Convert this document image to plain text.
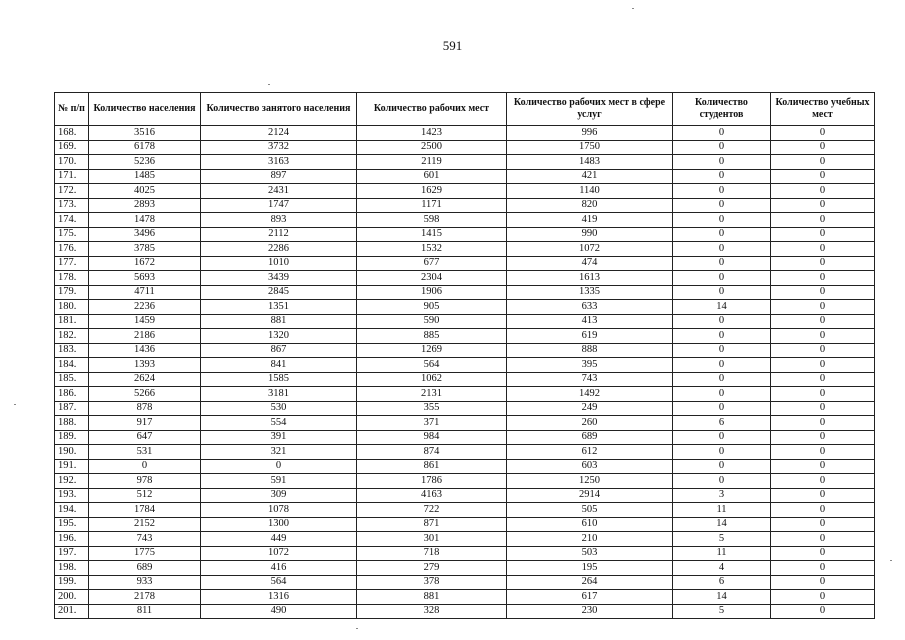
591
№ п/п	Количество населения	Количество занятого населения	Количество рабочих мест	Количество рабочих мест в сфере услуг	Количество студентов	Количество учебных мест
168.	3516	2124	1423	996	0	0
169.	6178	3732	2500	1750	0	0
170.	5236	3163	2119	1483	0	0
171.	1485	897	601	421	0	0
172.	4025	2431	1629	1140	0	0
173.	2893	1747	1171	820	0	0
174.	1478	893	598	419	0	0
175.	3496	2112	1415	990	0	0
176.	3785	2286	1532	1072	0	0
177.	1672	1010	677	474	0	0
178.	5693	3439	2304	1613	0	0
179.	4711	2845	1906	1335	0	0
180.	2236	1351	905	633	14	0
181.	1459	881	590	413	0	0
182.	2186	1320	885	619	0	0
183.	1436	867	1269	888	0	0
184.	1393	841	564	395	0	0
185.	2624	1585	1062	743	0	0
186.	5266	3181	2131	1492	0	0
187.	878	530	355	249	0	0
188.	917	554	371	260	6	0
189.	647	391	984	689	0	0
190.	531	321	874	612	0	0
191.	0	0	861	603	0	0
192.	978	591	1786	1250	0	0
193.	512	309	4163	2914	3	0
194.	1784	1078	722	505	11	0
195.	2152	1300	871	610	14	0
196.	743	449	301	210	5	0
197.	1775	1072	718	503	11	0
198.	689	416	279	195	4	0
199.	933	564	378	264	6	0
200.	2178	1316	881	617	14	0
201.	811	490	328	230	5	0
